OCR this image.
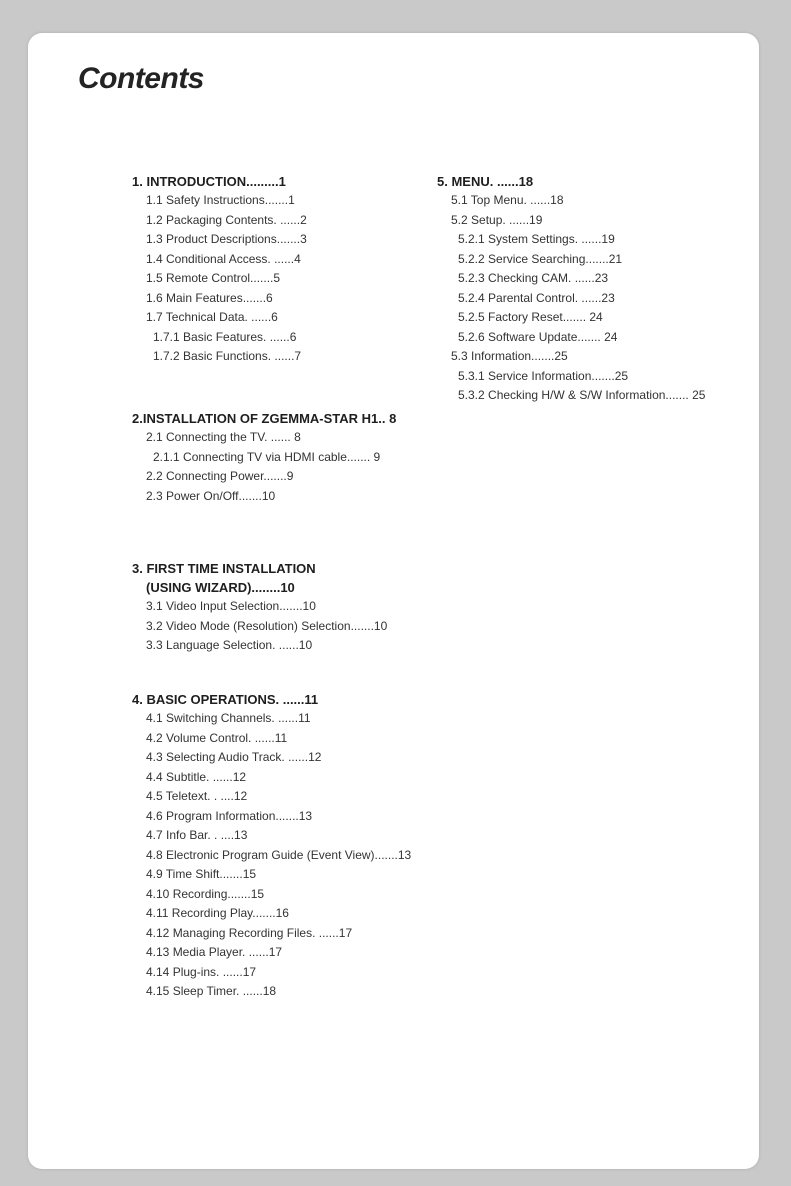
Contents
1. INTRODUCTION.........1
1.1 Safety Instructions.......1
1.2 Packaging Contents. ......2
1.3 Product Descriptions.......3
1.4 Conditional Access. ......4
1.5 Remote Control.......5
1.6 Main Features.......6
1.7 Technical Data. ......6
1.7.1 Basic Features. ......6
1.7.2 Basic Functions. ......7
2.INSTALLATION OF ZGEMMA-STAR H1.. 8
2.1 Connecting the TV. ...... 8
2.1.1 Connecting TV via HDMI cable....... 9
2.2 Connecting Power.......9
2.3 Power On/Off.......10
3. FIRST TIME INSTALLATION
(USING WIZARD)........10
3.1 Video Input Selection.......10
3.2 Video Mode (Resolution) Selection.......10
3.3 Language Selection. ......10
4. BASIC OPERATIONS. ......11
4.1 Switching Channels. ......11
4.2 Volume Control. ......11
4.3 Selecting Audio Track. ......12
4.4 Subtitle. ......12
4.5 Teletext. . ....12
4.6 Program Information.......13
4.7 Info Bar. . ....13
4.8 Electronic Program Guide (Event View).......13
4.9 Time Shift.......15
4.10 Recording.......15
4.11 Recording Play.......16
4.12 Managing Recording Files. ......17
4.13 Media Player. ......17
4.14 Plug-ins. ......17
4.15 Sleep Timer. ......18
5. MENU. ......18
5.1 Top Menu. ......18
5.2 Setup. ......19
5.2.1 System Settings. ......19
5.2.2 Service Searching.......21
5.2.3 Checking CAM. ......23
5.2.4 Parental Control. ......23
5.2.5 Factory Reset....... 24
5.2.6 Software Update....... 24
5.3 Information.......25
5.3.1 Service Information.......25
5.3.2 Checking H/W & S/W Information....... 25
